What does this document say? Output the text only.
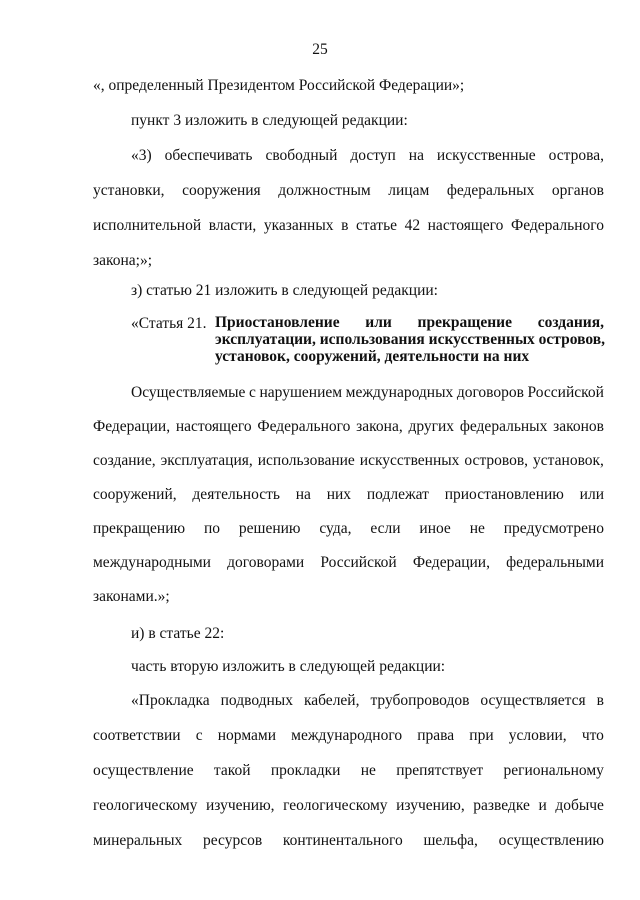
25
«, определенный Президентом Российской Федерации»;
пункт 3 изложить в следующей редакции:
«3) обеспечивать свободный доступ на искусственные острова,
установки, сооружения должностным лицам федеральных органов
исполнительной власти, указанных в статье 42 настоящего Федерального
закона;»;
з) статью 21 изложить в следующей редакции:
«Статья 21. Приостановление или прекращение создания,
эксплуатации, использования искусственных островов,
установок, сооружений, деятельности на них
Осуществляемые с нарушением международных договоров Российской
Федерации, настоящего Федерального закона, других федеральных законов
создание, эксплуатация, использование искусственных островов, установок,
сооружений, деятельность на них подлежат приостановлению или
прекращению по решению суда, если иное не предусмотрено
международными договорами Российской Федерации, федеральными
законами.»;
и) в статье 22:
часть вторую изложить в следующей редакции:
«Прокладка подводных кабелей, трубопроводов осуществляется в
соответствии с нормами международного права при условии, что
осуществление такой прокладки не препятствует региональному
геологическому изучению, геологическому изучению, разведке и добыче
минеральных ресурсов континентального шельфа, осуществлению
